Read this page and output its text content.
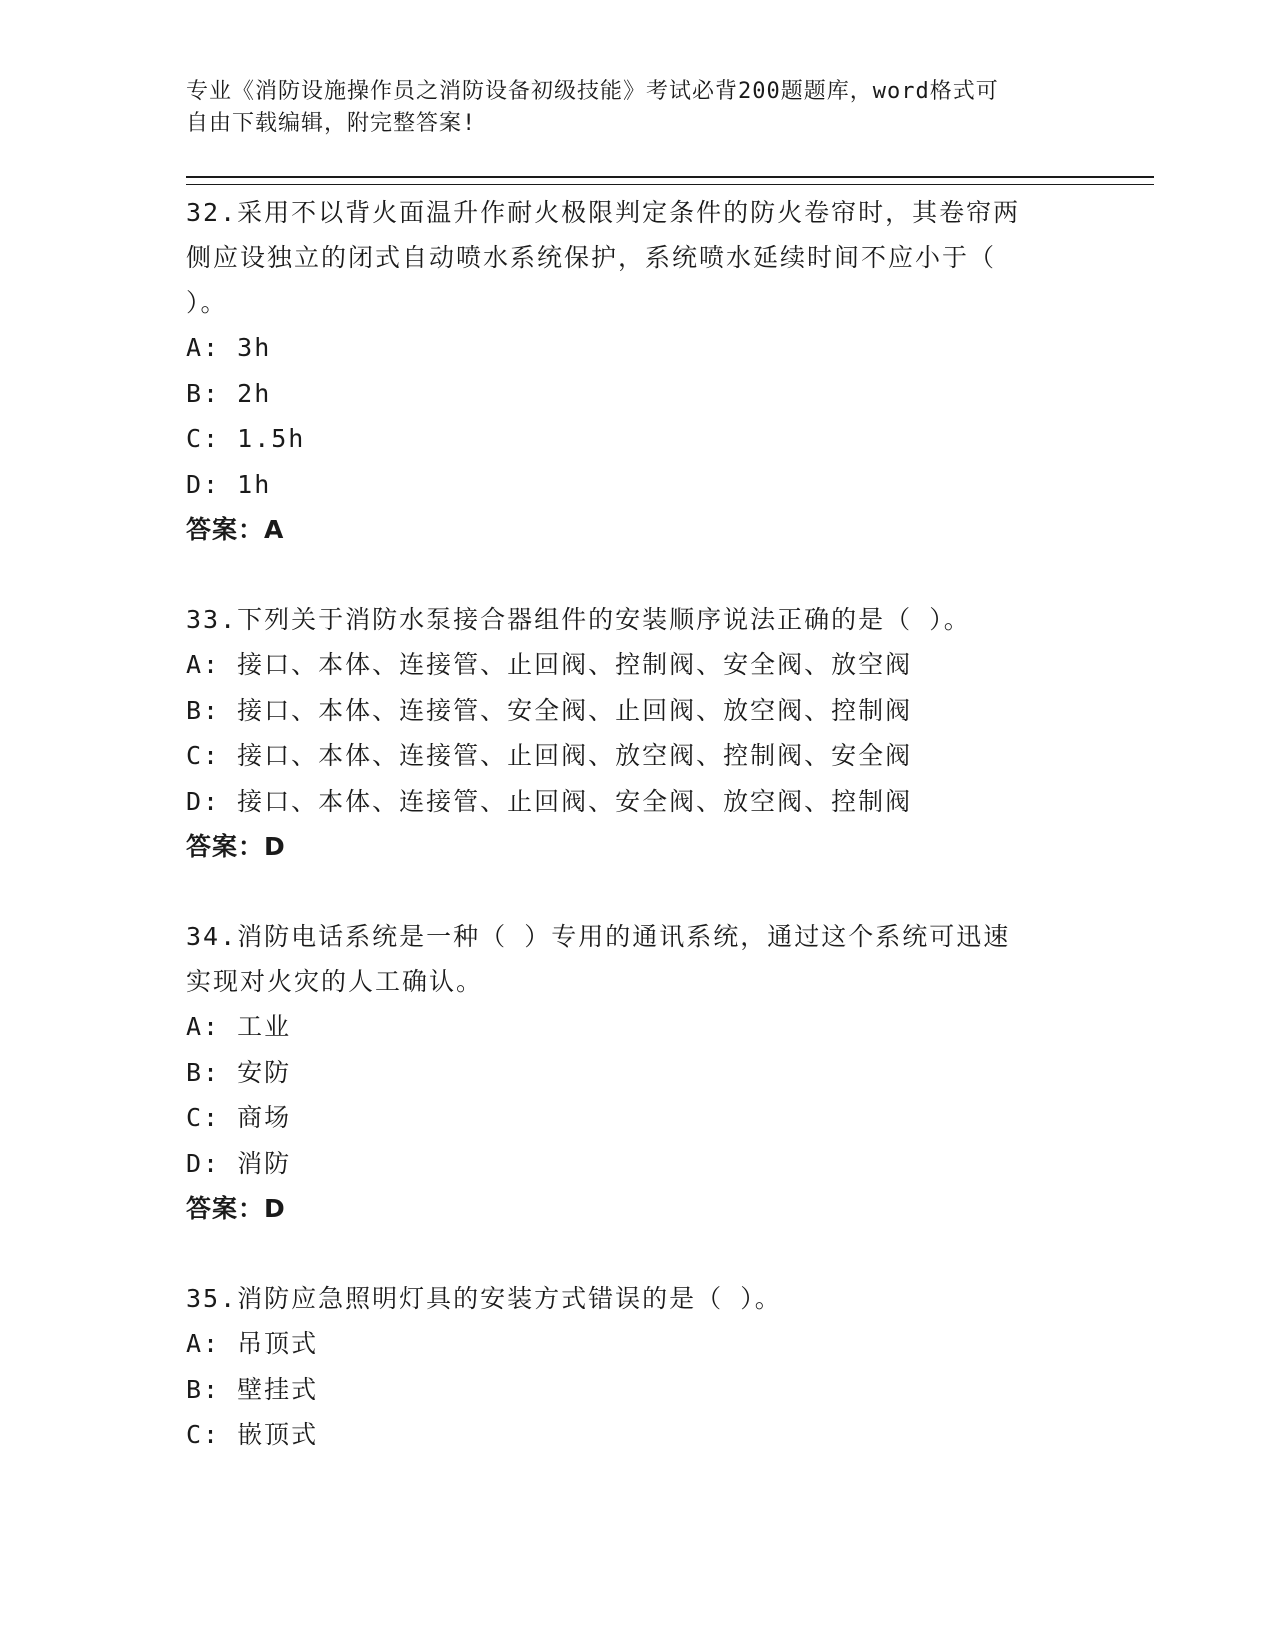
专业《消防设施操作员之消防设备初级技能》考试必背200题题库，word格式可
自由下载编辑，附完整答案!
32.采用不以背火面温升作耐火极限判定条件的防火卷帘时，其卷帘两
侧应设独立的闭式自动喷水系统保护，系统喷水延续时间不应小于（
）。
A: 3h
B: 2h
C: 1.5h
D: 1h
答案：A
33.下列关于消防水泵接合器组件的安装顺序说法正确的是（ ）。
A: 接口、本体、连接管、止回阀、控制阀、安全阀、放空阀
B: 接口、本体、连接管、安全阀、止回阀、放空阀、控制阀
C: 接口、本体、连接管、止回阀、放空阀、控制阀、安全阀
D: 接口、本体、连接管、止回阀、安全阀、放空阀、控制阀
答案：D
34.消防电话系统是一种（ ）专用的通讯系统，通过这个系统可迅速
实现对火灾的人工确认。
A: 工业
B: 安防
C: 商场
D: 消防
答案：D
35.消防应急照明灯具的安装方式错误的是（ ）。
A: 吊顶式
B: 壁挂式
C: 嵌顶式
